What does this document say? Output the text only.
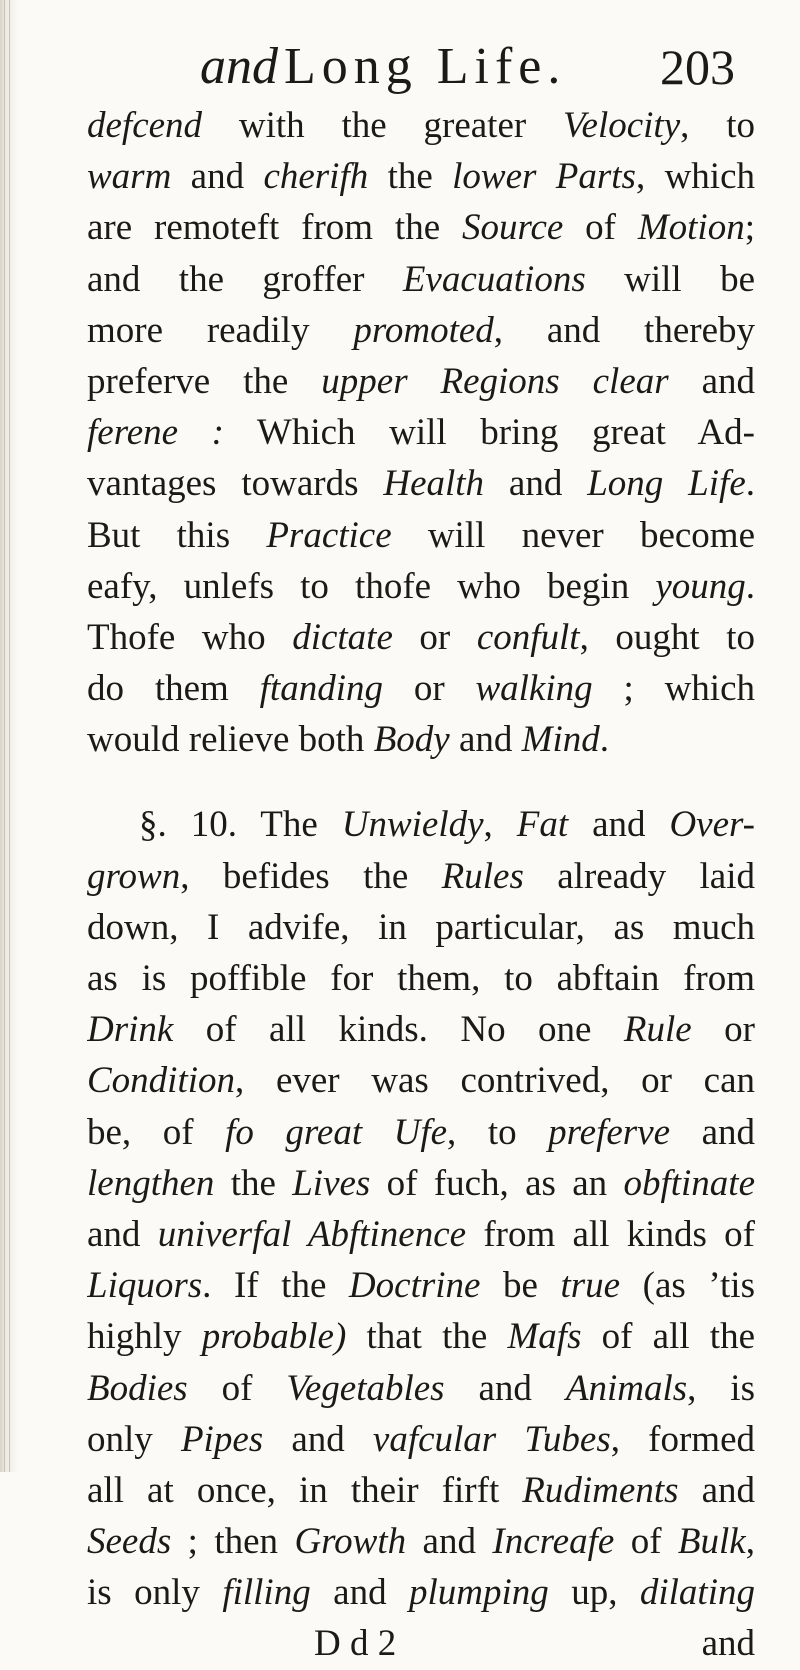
and Long Life. 203
defcend with the greater Velocity, to
warm and cherifh the lower Parts, which
are remoteft from the Source of Motion;
and the groffer Evacuations will be
more readily promoted, and thereby
preferve the upper Regions clear and
ferene : Which will bring great Ad-
vantages towards Health and Long Life.
But this Practice will never become
eafy, unlefs to thofe who begin young.
Thofe who dictate or confult, ought to
do them ftanding or walking ; which
would relieve both Body and Mind.
§. 10. The Unwieldy, Fat and Over-
grown, befides the Rules already laid
down, I advife, in particular, as much
as is poffible for them, to abftain from
Drink of all kinds. No one Rule or
Condition, ever was contrived, or can
be, of fo great Ufe, to preferve and
lengthen the Lives of fuch, as an obftinate
and univerfal Abftinence from all kinds of
Liquors. If the Doctrine be true (as ’tis
highly probable) that the Mafs of all the
Bodies of Vegetables and Animals, is
only Pipes and vafcular Tubes, formed
all at once, in their firft Rudiments and
Seeds ; then Growth and Increafe of Bulk,
is only filling and plumping up, dilating
D d 2	and
